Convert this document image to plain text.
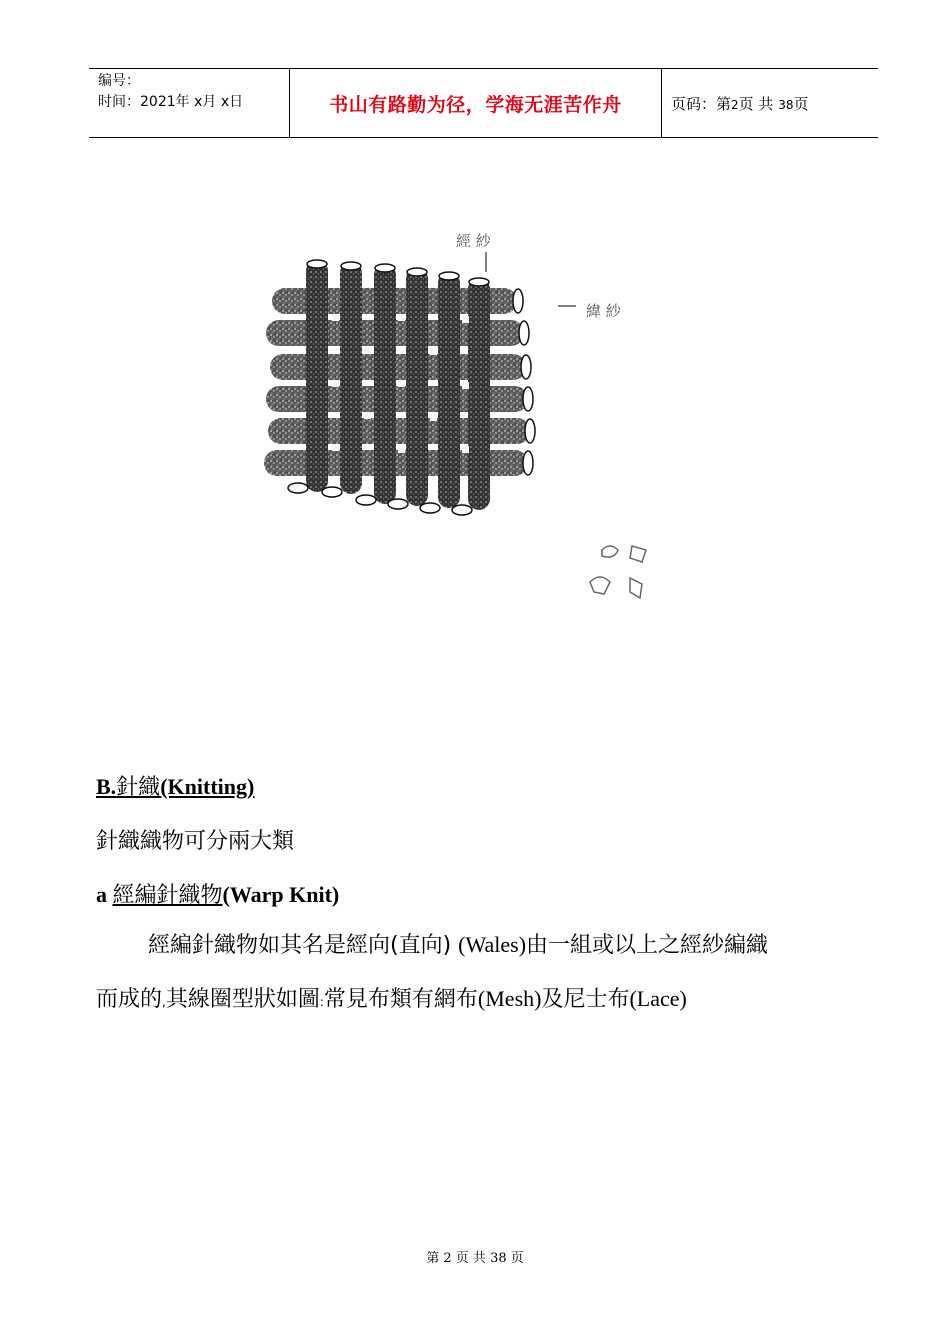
编号：
时间：2021年 x月 x日	书山有路勤为径，学海无涯苦作舟	页码：第2页 共 38页
經 紗
緯 紗
B.針織(Knitting)
針織織物可分兩大類
a 經編針織物(Warp Knit)
經編針織物如其名是經向(直向) (Wales)由一組或以上之經紗編織
而成的,其線圈型狀如圖:常見布類有網布(Mesh)及尼士布(Lace)
第 2 页 共 38 页
